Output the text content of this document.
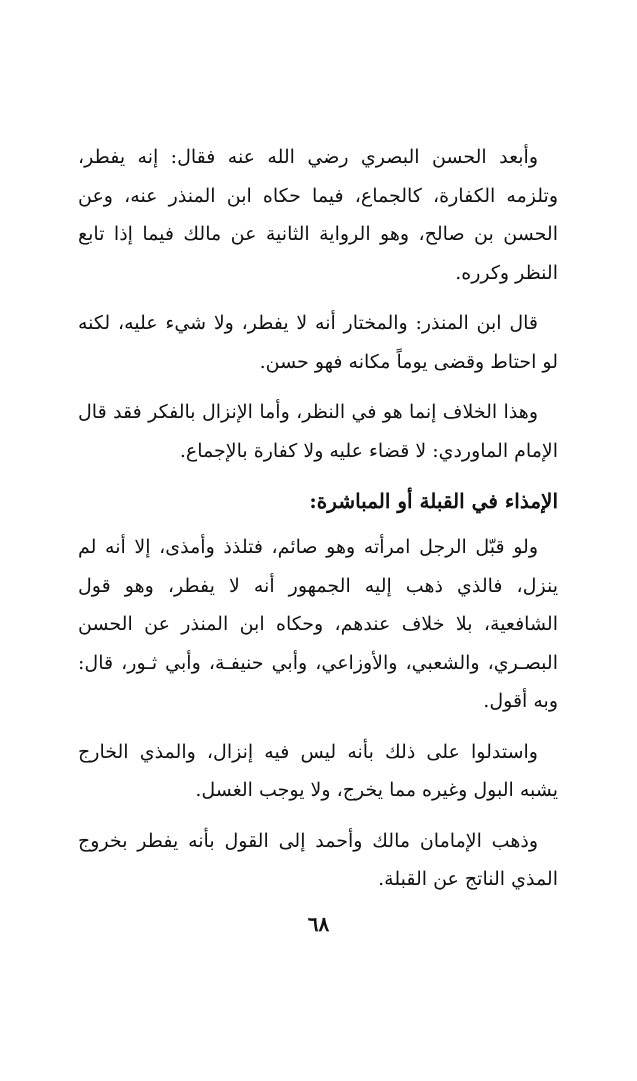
وأبعد الحسن البصري رضي الله عنه فقال: إنه يفطر، وتلزمه الكفارة، كالجماع، فيما حكاه ابن المنذر عنه، وعن الحسن بن صالح، وهو الرواية الثانية عن مالك فيما إذا تابع النظر وكرره.

قال ابن المنذر: والمختار أنه لا يفطر، ولا شيء عليه، لكنه لو احتاط وقضى يوماً مكانه فهو حسن.

وهذا الخلاف إنما هو في النظر، وأما الإنزال بالفكر فقد قال الإمام الماوردي: لا قضاء عليه ولا كفارة بالإجماع.

الإمذاء في القبلة أو المباشرة:

ولو قبّل الرجل امرأته وهو صائم، فتلذذ وأمذى، إلا أنه لم ينزل، فالذي ذهب إليه الجمهور أنه لا يفطر، وهو قول الشافعية، بلا خلاف عندهم، وحكاه ابن المنذر عن الحسن البصـري، والشعبي، والأوزاعي، وأبي حنيفـة، وأبي ثـور، قال: وبه أقول.

واستدلوا على ذلك بأنه ليس فيه إنزال، والمذي الخارج يشبه البول وغيره مما يخرج، ولا يوجب الغسل.

وذهب الإمامان مالك وأحمد إلى القول بأنه يفطر بخروج المذي الناتج عن القبلة.

٦٨
